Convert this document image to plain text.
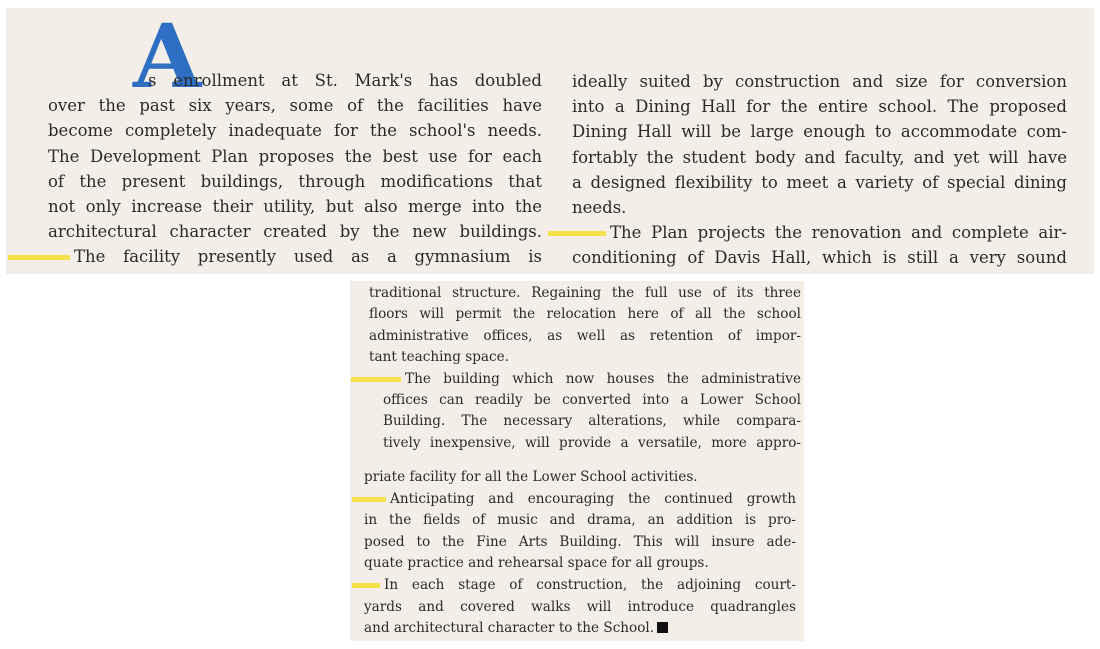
A
s enrollment at St. Mark's has doubled
over the past six years, some of the facilities have
become completely inadequate for the school's needs.
The Development Plan proposes the best use for each
of the present buildings, through modifications that
not only increase their utility, but also merge into the
architectural character created by the new buildings.
The facility presently used as a gymnasium is
ideally suited by construction and size for conversion
into a Dining Hall for the entire school. The proposed
Dining Hall will be large enough to accommodate com-
fortably the student body and faculty, and yet will have
a designed flexibility to meet a variety of special dining
needs.
The Plan projects the renovation and complete air-
conditioning of Davis Hall, which is still a very sound
traditional structure. Regaining the full use of its three
floors will permit the relocation here of all the school
administrative offices, as well as retention of impor-
tant teaching space.
The building which now houses the administrative
offices can readily be converted into a Lower School
Building. The necessary alterations, while compara-
tively inexpensive, will provide a versatile, more appro-
priate facility for all the Lower School activities.
Anticipating and encouraging the continued growth
in the fields of music and drama, an addition is pro-
posed to the Fine Arts Building. This will insure ade-
quate practice and rehearsal space for all groups.
In each stage of construction, the adjoining court-
yards and covered walks will introduce quadrangles
and architectural character to the School.
